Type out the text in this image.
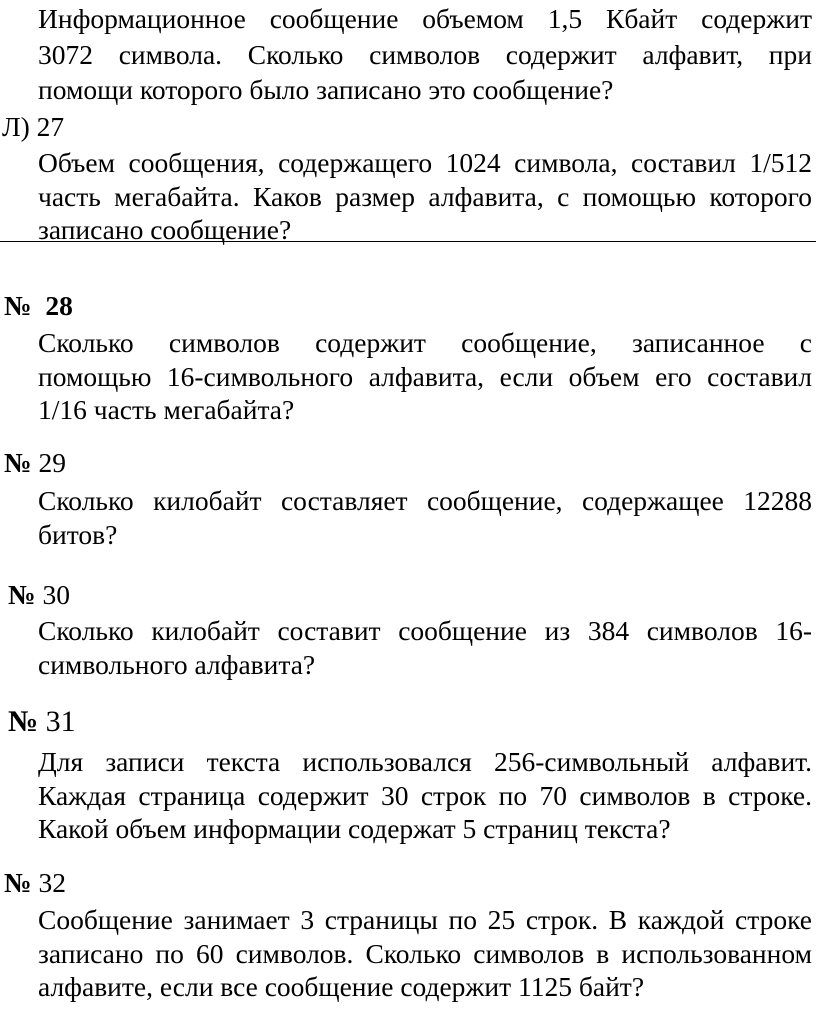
Информационное сообщение объемом 1,5 Кбайт содержит
3072 символа. Сколько символов содержит алфавит, при
помощи которого было записано это сообщение?
Л) 27
Объем сообщения, содержащего 1024 символа, составил 1/512
часть мегабайта. Каков размер алфавита, с помощью которого
записано сообщение?
№ 28
Сколько символов содержит сообщение, записанное с
помощью 16-символьного алфавита, если объем его составил
1/16 часть мегабайта?
№ 29
Сколько килобайт составляет сообщение, содержащее 12288
битов?
№ 30
Сколько килобайт составит сообщение из 384 символов 16-
символьного алфавита?
№ 31
Для записи текста использовался 256-символьный алфавит.
Каждая страница содержит 30 строк по 70 символов в строке.
Какой объем информации содержат 5 страниц текста?
№ 32
Сообщение занимает 3 страницы по 25 строк. В каждой строке
записано по 60 символов. Сколько символов в использованном
алфавите, если все сообщение содержит 1125 байт?
